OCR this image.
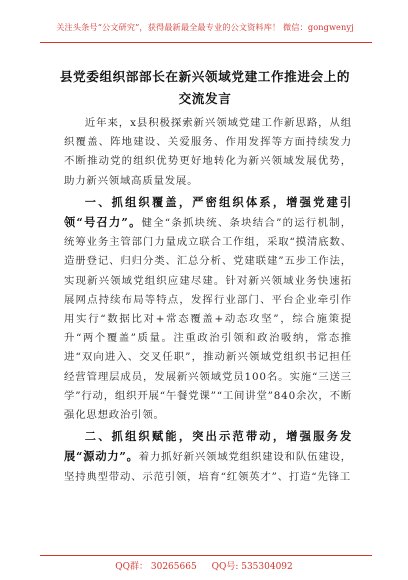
关注头条号“公文研究”，获得最新最全最专业的公文资料库！ 微信：gongwenyj
县党委组织部部长在新兴领域党建工作推进会上的交流发言

近年来，x县积极探索新兴领域党建工作新思路，从组织覆盖、阵地建设、关爱服务、作用发挥等方面持续发力不断推动党的组织优势更好地转化为新兴领域发展优势，助力新兴领域高质量发展。

一、抓组织覆盖，严密组织体系，增强党建引领“号召力”。健全“条抓块统、条块结合”的运行机制，统筹业务主管部门力量成立联合工作组，采取“摸清底数、造册登记、归归分类、汇总分析、党建联建”五步工作法，实现新兴领域党组织应建尽建。针对新兴领域业务快速拓展网点持续布局等特点，发挥行业部门、平台企业牵引作用实行“数据比对+常态覆盖+动态攻坚”，综合施策提升“两个覆盖”质量。注重政治引领和政治吸纳，常态推进“双向进入、交叉任职”，推动新兴领域党组织书记担任经营管理层成员，发展新兴领域党员100名。实施“三送三学”行动，组织开展“午餐党课”“工间讲堂”840余次，不断强化思想政治引领。

二、抓组织赋能，突出示范带动，增强服务发展“源动力”。着力抓好新兴领域党组织建设和队伍建设，坚持典型带动、示范引领，培育“红领英才”、打造“先锋工

QQ群： 30265665 QQ号: 535304092
